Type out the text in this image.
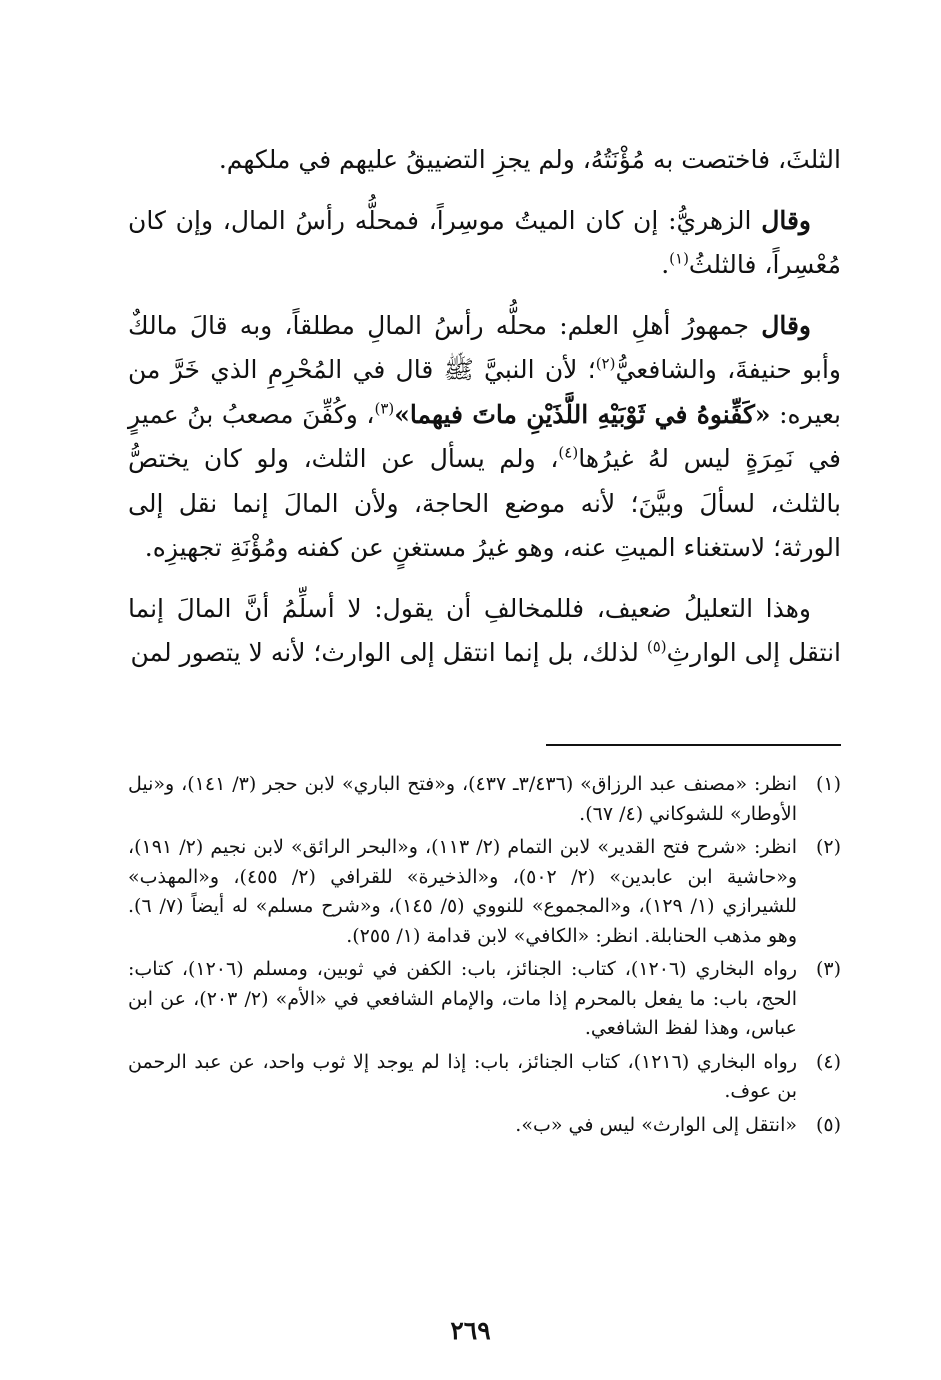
الثلثَ، فاختصت به مُؤْنَتُهُ، ولم يجزِ التضييقُ عليهم في ملكهم.

وقال الزهريُّ: إن كان الميتُ موسِراً، فمحلُّه رأسُ المال، وإن كان مُعْسِراً، فالثلثُ$^{(١)}$.

وقال جمهورُ أهلِ العلم: محلُّه رأسُ المالِ مطلقاً، وبه قالَ مالكٌ وأبو حنيفةَ، والشافعيُّ$^{(٢)}$؛ لأن النبيَّ ﷺ قال في المُحْرِمِ الذي خَرَّ من بعيره: «كَفِّنوهُ في ثَوْبَيْهِ اللَّذَيْنِ ماتَ فيهما»$^{(٣)}$، وكُفِّنَ مصعبُ بنُ عميرٍ في نَمِرَةٍ ليس لهُ غيرُها$^{(٤)}$، ولم يسأل عن الثلث، ولو كان يختصُّ بالثلث، لسألَ وبيَّنَ؛ لأنه موضع الحاجة، ولأن المالَ إنما نقل إلى الورثة؛ لاستغناء الميتِ عنه، وهو غيرُ مستغنٍ عن كفنه ومُؤْنَةِ تجهيزِه.

وهذا التعليلُ ضعيف، فللمخالفِ أن يقول: لا أسلِّمُ أنَّ المالَ إنما انتقل إلى الوارثِ$^{(٥)}$ لذلك، بل إنما انتقل إلى الوارث؛ لأنه لا يتصور لمن

(١)
انظر: «مصنف عبد الرزاق» (٣/٤٣٦ـ ٤٣٧)، و«فتح الباري» لابن حجر (٣/ ١٤١)، و«نيل الأوطار» للشوكاني (٤/ ٦٧).
(٢)
انظر: «شرح فتح القدير» لابن التمام (٢/ ١١٣)، و«البحر الرائق» لابن نجيم (٢/ ١٩١)، و«حاشية ابن عابدين» (٢/ ٥٠٢)، و«الذخيرة» للقرافي (٢/ ٤٥٥)، و«المهذب» للشيرازي (١/ ١٢٩)، و«المجموع» للنووي (٥/ ١٤٥)، و«شرح مسلم» له أيضاً (٧/ ٦). وهو مذهب الحنابلة. انظر: «الكافي» لابن قدامة (١/ ٢٥٥).
(٣)
رواه البخاري (١٢٠٦)، كتاب: الجنائز، باب: الكفن في ثوبين، ومسلم (١٢٠٦)، كتاب: الحج، باب: ما يفعل بالمحرم إذا مات، والإمام الشافعي في «الأم» (٢/ ٢٠٣)، عن ابن عباس، وهذا لفظ الشافعي.
(٤)
رواه البخاري (١٢١٦)، كتاب الجنائز، باب: إذا لم يوجد إلا ثوب واحد، عن عبد الرحمن بن عوف.
(٥)
«انتقل إلى الوارث» ليس في «ب».
٢٦٩
